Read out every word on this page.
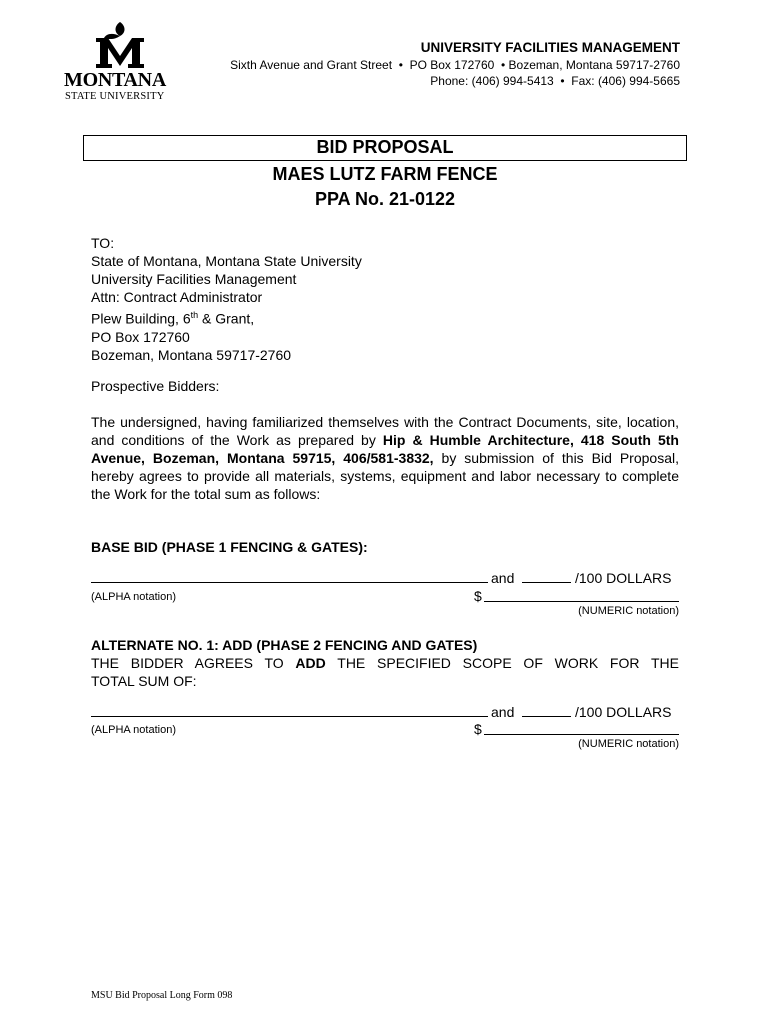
MONTANA
STATE UNIVERSITY
UNIVERSITY FACILITIES MANAGEMENT
Sixth Avenue and Grant Street • PO Box 172760 • Bozeman, Montana 59717-2760
Phone: (406) 994-5413 • Fax: (406) 994-5665
BID PROPOSAL
MAES LUTZ FARM FENCE
PPA No. 21-0122
TO:
State of Montana, Montana State University
University Facilities Management
Attn: Contract Administrator
Plew Building, 6th & Grant,
PO Box 172760
Bozeman, Montana 59717-2760
Prospective Bidders:
The undersigned, having familiarized themselves with the Contract Documents, site, location, and conditions of the Work as prepared by Hip & Humble Architecture, 418 South 5th Avenue, Bozeman, Montana 59715, 406/581-3832, by submission of this Bid Proposal, hereby agrees to provide all materials, systems, equipment and labor necessary to complete the Work for the total sum as follows:
BASE BID (PHASE 1 FENCING & GATES):
and	/100 DOLLARS
(ALPHA notation)	$
(NUMERIC notation)
ALTERNATE NO. 1: ADD (PHASE 2 FENCING AND GATES)
THE BIDDER AGREES TO ADD THE SPECIFIED SCOPE OF WORK FOR THE
TOTAL SUM OF:
and	/100 DOLLARS
(ALPHA notation)	$
(NUMERIC notation)
MSU Bid Proposal Long Form 098
